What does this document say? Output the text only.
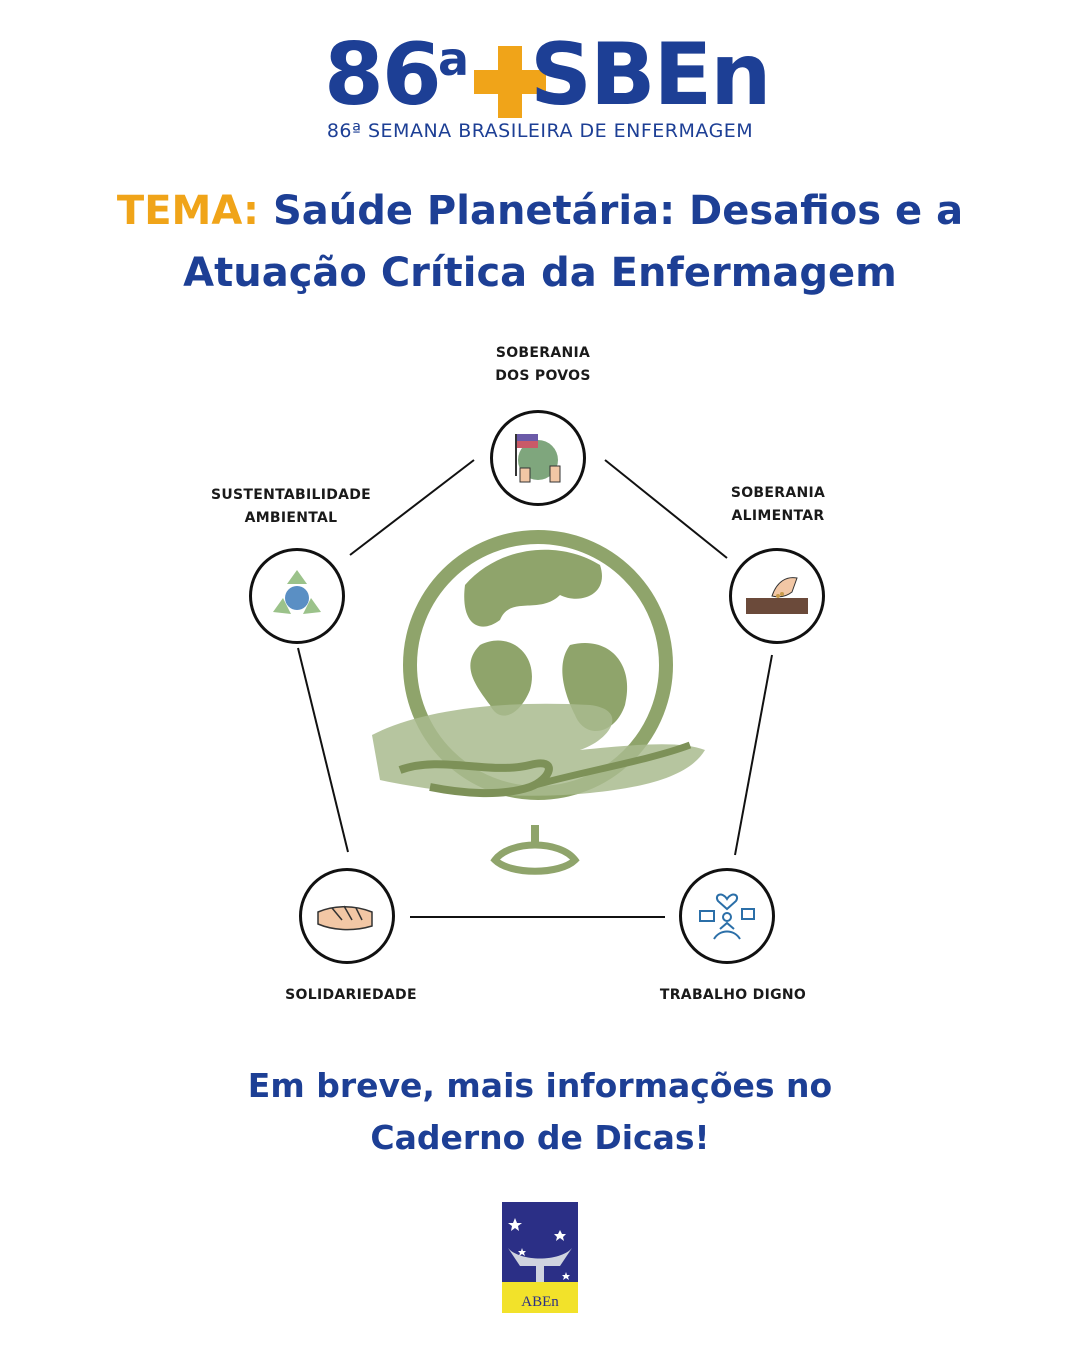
86
a SBEn
86ª SEMANA BRASILEIRA DE ENFERMAGEM
TEMA: Saúde Planetária: Desafios e a
Atuação Crítica da Enfermagem
SOBERANIA
DOS POVOS
SOBERANIA
ALIMENTAR
TRABALHO DIGNO
SOLIDARIEDADE
SUSTENTABILIDADE
AMBIENTAL
Em breve, mais informações no
Caderno de Dicas!
ABEn
